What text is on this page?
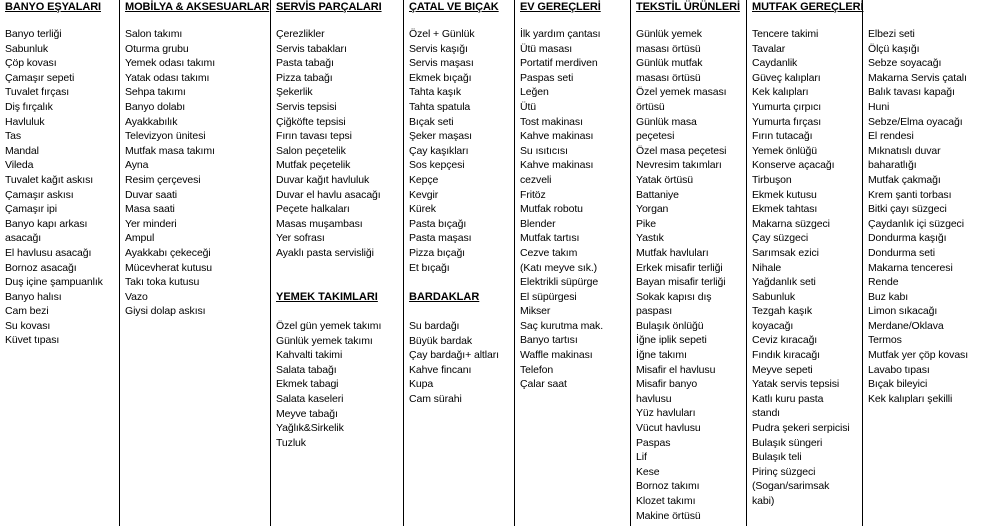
BANYO EŞYALARI
Banyo terliği
Sabunluk
Çöp kovası
Çamaşır sepeti
Tuvalet fırçası
Diş fırçalık
Havluluk
Tas
Mandal
Vileda
Tuvalet kağıt askısı
Çamaşır askısı
Çamaşır ipi
Banyo kapı arkası
asacağı
El havlusu asacağı
Bornoz asacağı
Duş içine şampuanlık
Banyo halısı
Cam bezi
Su kovası
Küvet tıpası
MOBİLYA & AKSESUARLAR
Salon takımı
Oturma grubu
Yemek odası takımı
Yatak odası takımı
Sehpa takımı
Banyo dolabı
Ayakkabılık
Televizyon ünitesi
Mutfak masa takımı
Ayna
Resim çerçevesi
Duvar saati
Masa saati
Yer minderi
Ampul
Ayakkabı çekeceği
Mücevherat kutusu
Takı toka kutusu
Vazo
Giysi dolap askısı
SERVİS PARÇALARI
Çerezlikler
Servis tabakları
Pasta tabağı
Pizza tabağı
Şekerlik
Servis tepsisi
Çiğköfte tepsisi
Fırın tavası tepsi
Salon peçetelik
Mutfak peçetelik
Duvar kağıt havluluk
Duvar el havlu asacağı
Peçete halkaları
Masas muşambası
Yer sofrası
Ayaklı pasta servisliği
YEMEK TAKIMLARI
Özel gün yemek takımı
Günlük yemek takımı
Kahvalti takimi
Salata tabağı
Ekmek tabagi
Salata kaseleri
Meyve tabağı
Yağlık&Sirkelik
Tuzluk
ÇATAL VE BIÇAK
Özel + Günlük
Servis kaşığı
Servis maşası
Ekmek bıçağı
Tahta kaşık
Tahta spatula
Bıçak seti
Şeker maşası
Çay kaşıkları
Sos kepçesi
Kepçe
Kevgir
Kürek
Pasta bıçağı
Pasta maşası
Pizza bıçağı
Et bıçağı
BARDAKLAR
Su bardağı
Büyük bardak
Çay bardağı+ altları
Kahve fincanı
Kupa
Cam sürahi
EV GEREÇLERİ
İlk yardım çantası
Ütü masası
Portatif merdiven
Paspas seti
Leğen
Ütü
Tost makinası
Kahve makinası
Su ısıtıcısı
Kahve makinası
cezveli
Fritöz
Mutfak robotu
Blender
Mutfak tartısı
Cezve takım
(Katı meyve sık.)
Elektrikli süpürge
El süpürgesi
Mikser
Saç kurutma mak.
Banyo tartısı
Waffle makinası
Telefon
Çalar saat
TEKSTİL ÜRÜNLERİ
Günlük yemek
masası örtüsü
Günlük mutfak
masası örtüsü
Özel yemek masası
örtüsü
Günlük masa
peçetesi
Özel masa peçetesi
Nevresim takımları
Yatak örtüsü
Battaniye
Yorgan
Pike
Yastık
Mutfak havluları
Erkek misafir terliği
Bayan misafir terliği
Sokak kapısı dış
paspası
Bulaşık önlüğü
İğne iplik sepeti
İğne takımı
Misafir el havlusu
Misafir banyo
havlusu
Yüz havluları
Vücut havlusu
Paspas
Lif
Kese
Bornoz takımı
Klozet takımı
Makine örtüsü
MUTFAK GEREÇLERİ
Tencere takimi
Tavalar
Caydanlik
Güveç kalıpları
Kek kalıpları
Yumurta çırpıcı
Yumurta fırçası
Fırın tutacağı
Yemek önlüğü
Konserve açacağı
Tirbuşon
Ekmek kutusu
Ekmek tahtası
Makarna süzgeci
Çay süzgeci
Sarımsak ezici
Nihale
Yağdanlık seti
Sabunluk
Tezgah kaşık
koyacağı
Ceviz kıracağı
Fındık kıracağı
Meyve sepeti
Yatak servis tepsisi
Katlı kuru pasta
standı
Pudra şekeri serpicisi
Bulaşık süngeri
Bulaşık teli
Pirinç süzgeci
(Sogan/sarimsak
kabi)
Elbezi seti
Ölçü kaşığı
Sebze soyacağı
Makarna Servis çatalı
Balık tavası kapağı
Huni
Sebze/Elma oyacağı
El rendesi
Mıknatıslı duvar
baharatlığı
Mutfak çakmağı
Krem şanti torbası
Bitki çayı süzgeci
Çaydanlık içi süzgeci
Dondurma kaşığı
Dondurma seti
Makarna tenceresi
Rende
Buz kabı
Limon sıkacağı
Merdane/Oklava
Termos
Mutfak yer çöp kovası
Lavabo tıpası
Bıçak bileyici
Kek kalıpları şekilli
